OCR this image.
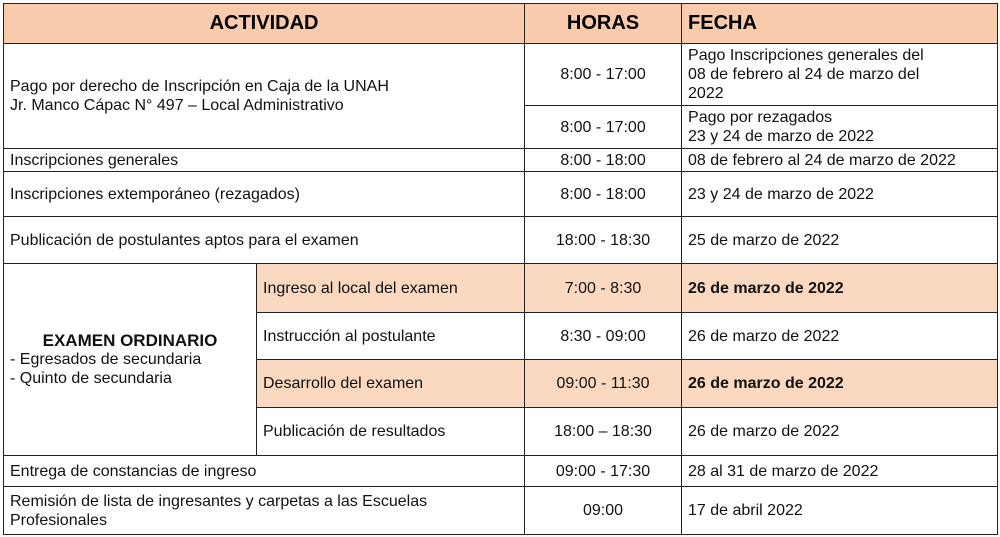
ACTIVIDAD		HORAS	FECHA

Pago por derecho de Inscripción en Caja de la UNAH
Jr. Manco Cápac N° 497 – Local Administrativo		8:00 - 17:00	Pago Inscripciones generales del
08 de febrero al 24 de marzo del
2022

		8:00 - 17:00	Pago por rezagados
23 y 24 de marzo de 2022

Inscripciones generales		8:00 - 18:00	08 de febrero al 24 de marzo de 2022
Inscripciones extemporáneo (rezagados)		8:00 - 18:00	23 y 24 de marzo de 2022
Publicación de postulantes aptos para el examen		18:00 - 18:30	25 de marzo de 2022

EXAMEN ORDINARIO
- Egresados de secundaria
- Quinto de secundaria	Ingreso al local del examen	7:00 - 8:30	26 de marzo de 2022
	Instrucción al postulante	8:30 - 09:00	26 de marzo de 2022
	Desarrollo del examen	09:00 - 11:30	26 de marzo de 2022
	Publicación de resultados	18:00 – 18:30	26 de marzo de 2022
Entrega de constancias de ingreso		09:00 - 17:30	28 al 31 de marzo de 2022

Remisión de lista de ingresantes y carpetas a las Escuelas
Profesionales		09:00	17 de abril 2022
